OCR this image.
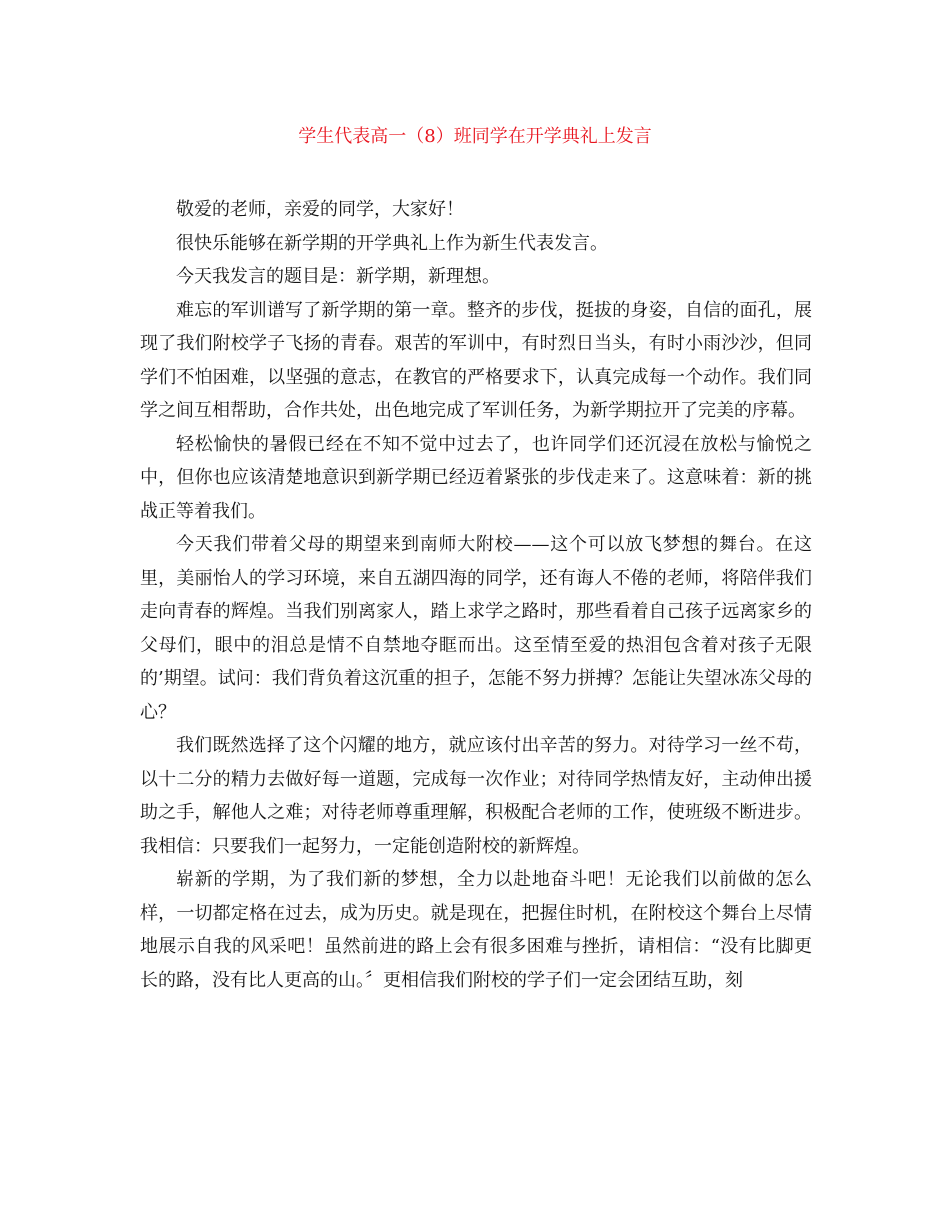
学生代表高一（8）班同学在开学典礼上发言

敬爱的老师，亲爱的同学，大家好！

很快乐能够在新学期的开学典礼上作为新生代表发言。

今天我发言的题目是：新学期，新理想。

难忘的军训谱写了新学期的第一章。整齐的步伐，挺拔的身姿，自信的面孔，展现了我们附校学子飞扬的青春。艰苦的军训中，有时烈日当头，有时小雨沙沙，但同学们不怕困难，以坚强的意志，在教官的严格要求下，认真完成每一个动作。我们同学之间互相帮助，合作共处，出色地完成了军训任务，为新学期拉开了完美的序幕。

轻松愉快的暑假已经在不知不觉中过去了，也许同学们还沉浸在放松与愉悦之中，但你也应该清楚地意识到新学期已经迈着紧张的步伐走来了。这意味着：新的挑战正等着我们。

今天我们带着父母的期望来到南师大附校——这个可以放飞梦想的舞台。在这里，美丽怡人的学习环境，来自五湖四海的同学，还有诲人不倦的老师，将陪伴我们走向青春的辉煌。当我们别离家人，踏上求学之路时，那些看着自己孩子远离家乡的父母们，眼中的泪总是情不自禁地夺眶而出。这至情至爱的热泪包含着对孩子无限的’期望。试问：我们背负着这沉重的担子，怎能不努力拼搏？怎能让失望冰冻父母的心？

我们既然选择了这个闪耀的地方，就应该付出辛苦的努力。对待学习一丝不苟，以十二分的精力去做好每一道题，完成每一次作业；对待同学热情友好，主动伸出援助之手，解他人之难；对待老师尊重理解，积极配合老师的工作，使班级不断进步。我相信：只要我们一起努力，一定能创造附校的新辉煌。

崭新的学期，为了我们新的梦想，全力以赴地奋斗吧！无论我们以前做的怎么样，一切都定格在过去，成为历史。就是现在，把握住时机，在附校这个舞台上尽情地展示自我的风采吧！虽然前进的路上会有很多困难与挫折，请相信：“没有比脚更长的路，没有比人更高的山。〞更相信我们附校的学子们一定会团结互助，刻
